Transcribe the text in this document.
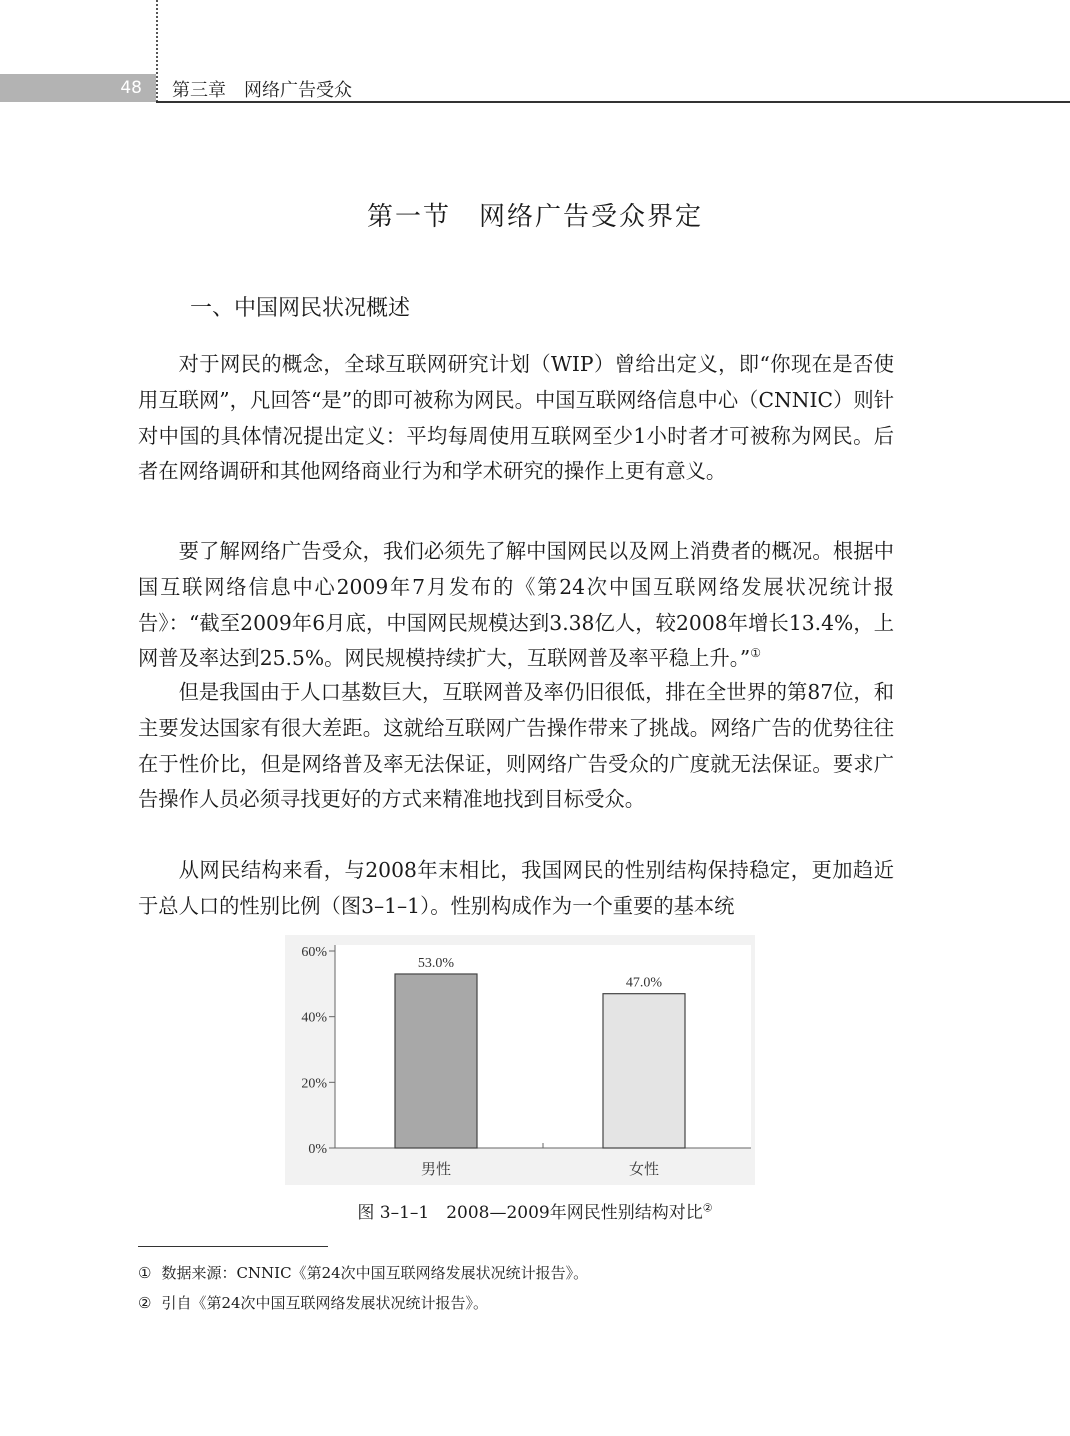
48 第三章　网络广告受众
第一节　网络广告受众界定
一、中国网民状况概述

对于网民的概念，全球互联网研究计划（WIP）曾给出定义，即“你现在是否使用互联网”，凡回答“是”的即可被称为网民。中国互联网络信息中心（CNNIC）则针对中国的具体情况提出定义：平均每周使用互联网至少1小时者才可被称为网民。后者在网络调研和其他网络商业行为和学术研究的操作上更有意义。

要了解网络广告受众，我们必须先了解中国网民以及网上消费者的概况。根据中国互联网络信息中心2009年7月发布的《第24次中国互联网络发展状况统计报告》：“截至2009年6月底，中国网民规模达到3.38亿人，较2008年增长13.4%，上网普及率达到25.5%。网民规模持续扩大，互联网普及率平稳上升。”①

但是我国由于人口基数巨大，互联网普及率仍旧很低，排在全世界的第87位，和主要发达国家有很大差距。这就给互联网广告操作带来了挑战。网络广告的优势往往在于性价比，但是网络普及率无法保证，则网络广告受众的广度就无法保证。要求广告操作人员必须寻找更好的方式来精准地找到目标受众。

从网民结构来看，与2008年末相比，我国网民的性别结构保持稳定，更加趋近于总人口的性别比例（图3–1–1）。性别构成作为一个重要的基本统

0%
20%
40%
60%
53.0%
男性
47.0%
女性
图 3–1–1　2008—2009年网民性别结构对比②
① 数据来源：CNNIC《第24次中国互联网络发展状况统计报告》。
② 引自《第24次中国互联网络发展状况统计报告》。
